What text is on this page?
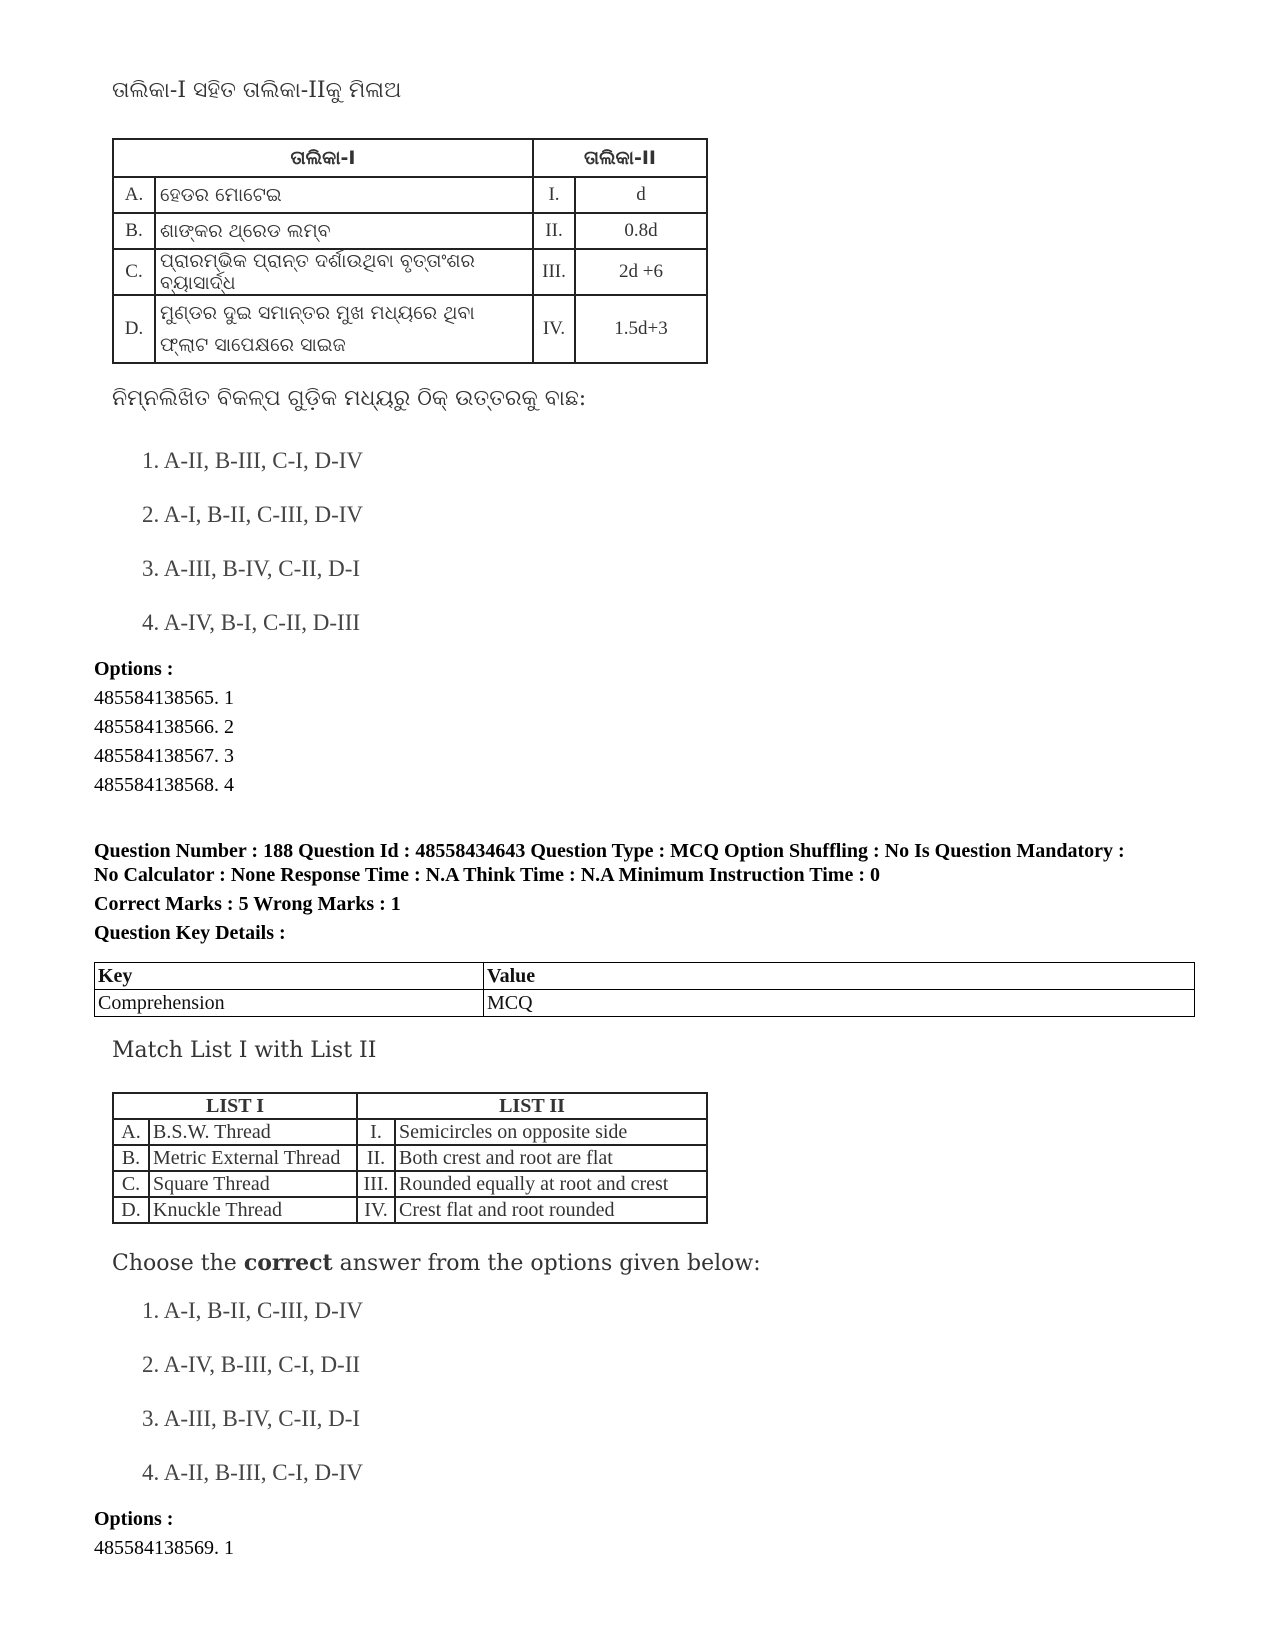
ତାଲିକା-I ସହିତ ତାଲିକା-IIକୁ ମିଳାଅ
ତାଲିକା-I		ତାଲିକା-II	
A.	ହେଡର ମୋଟେଇ	I.	d
B.	ଶାଙ୍କର ଥ୍ରେଡ ଲମ୍ବ	II.	0.8d
C.	ପ୍ରାରମ୍ଭିକ ପ୍ରାନ୍ତ ଦର୍ଶାଉଥିବା ବୃତ୍ତାଂଶର ବ୍ୟାସାର୍ଦ୍ଧ	III.	2d +6
D.	ମୁଣ୍ଡର ଦୁଇ ସମାନ୍ତର ମୁଖ ମଧ୍ୟରେ ଥିବା ଫ୍ଲାଟ ସାପେକ୍ଷରେ ସାଇଜ	IV.	1.5d+3
ନିମ୍ନଲିଖିତ ବିକଳ୍ପ ଗୁଡ଼ିକ ମଧ୍ୟରୁ ଠିକ୍ ଉତ୍ତରକୁ ବାଛ:
1. A-II, B-III, C-I, D-IV
2. A-I, B-II, C-III, D-IV
3. A-III, B-IV, C-II, D-I
4. A-IV, B-I, C-II, D-III
Options :
485584138565. 1
485584138566. 2
485584138567. 3
485584138568. 4
Question Number : 188 Question Id : 48558434643 Question Type : MCQ Option Shuffling : No Is Question Mandatory :
No Calculator : None Response Time : N.A Think Time : N.A Minimum Instruction Time : 0
Correct Marks : 5 Wrong Marks : 1
Question Key Details :
Key	Value
Comprehension	MCQ
Match List I with List II
LIST I		LIST II	
A.	B.S.W. Thread	I.	Semicircles on opposite side
B.	Metric External Thread	II.	Both crest and root are flat
C.	Square Thread	III.	Rounded equally at root and crest
D.	Knuckle Thread	IV.	Crest flat and root rounded
Choose the correct answer from the options given below:
1. A-I, B-II, C-III, D-IV
2. A-IV, B-III, C-I, D-II
3. A-III, B-IV, C-II, D-I
4. A-II, B-III, C-I, D-IV
Options :
485584138569. 1
